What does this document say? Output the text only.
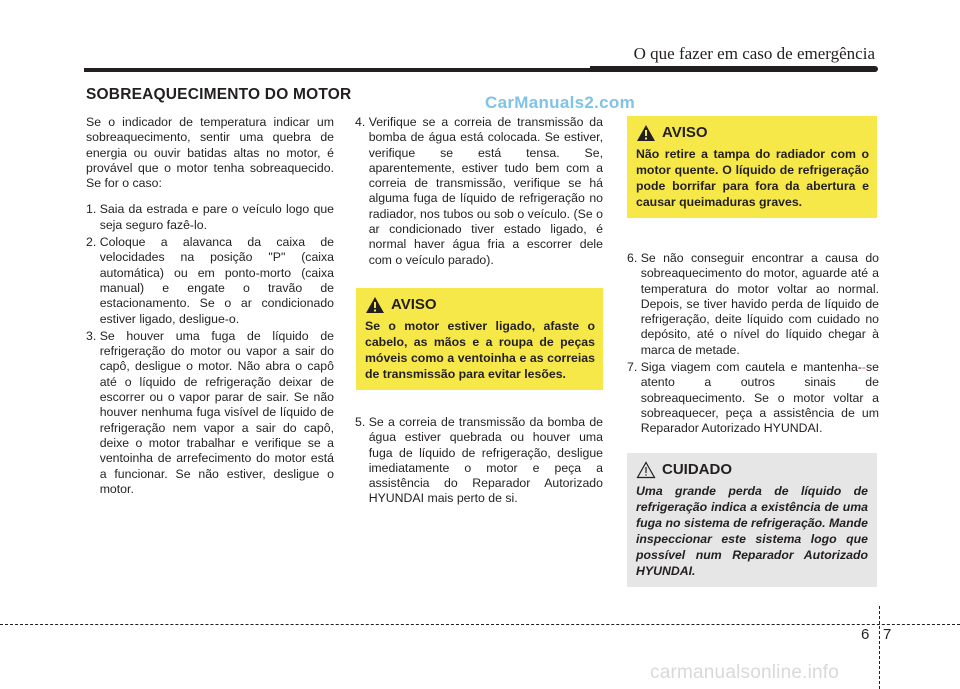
O que fazer em caso de emergência
SOBREAQUECIMENTO DO MOTOR	CarManuals2.com

Se o indicador de temperatura indicar um sobreaquecimento, sentir uma quebra de energia ou ouvir batidas altas no motor, é provável que o motor tenha sobreaquecido. Se for o caso:

1. Saia da estrada e pare o veículo logo que seja seguro fazê-lo.
2. Coloque a alavanca da caixa de velocidades na posição "P" (caixa automática) ou em ponto-morto (caixa manual) e engate o travão de estacionamento. Se o ar condicionado estiver ligado, desligue-o.
3. Se houver uma fuga de líquido de refrigeração do motor ou vapor a sair do capô, desligue o motor. Não abra o capô até o líquido de refrigeração deixar de escorrer ou o vapor parar de sair. Se não houver nenhuma fuga visível de líquido de refrigeração nem vapor a sair do capô, deixe o motor trabalhar e verifique se a ventoinha de arrefecimento do motor está a funcionar. Se não estiver, desligue o motor.
4. Verifique se a correia de transmissão da bomba de água está colocada. Se estiver, verifique se está tensa. Se, aparentemente, estiver tudo bem com a correia de transmissão, verifique se há alguma fuga de líquido de refrigeração no radiador, nos tubos ou sob o veículo. (Se o ar condicionado tiver estado ligado, é normal haver água fria a escorrer dele com o veículo parado).
AVISO
Se o motor estiver ligado, afaste o cabelo, as mãos e a roupa de peças móveis como a ventoinha e as correias de transmissão para evitar lesões.
5. Se a correia de transmissão da bomba de água estiver quebrada ou houver uma fuga de líquido de refrigeração, desligue imediatamente o motor e peça a assistência do Reparador Autorizado HYUNDAI mais perto de si.
AVISO
Não retire a tampa do radiador com o motor quente. O líquido de refrigeração pode borrifar para fora da abertura e causar queimaduras graves.
6. Se não conseguir encontrar a causa do sobreaquecimento do motor, aguarde até a temperatura do motor voltar ao normal. Depois, se tiver havido perda de líquido de refrigeração, deite líquido com cuidado no depósito, até o nível do líquido chegar à marca de metade.
7. Siga viagem com cautela e mantenha--se atento a outros sinais de sobreaquecimento. Se o motor voltar a sobreaquecer, peça a assistência de um Reparador Autorizado HYUNDAI.
CUIDADO
Uma grande perda de líquido de refrigeração indica a existência de uma fuga no sistema de refrigeração. Mande inspeccionar este sistema logo que possível num Reparador Autorizado HYUNDAI.
6 7
carmanualsonline.info
